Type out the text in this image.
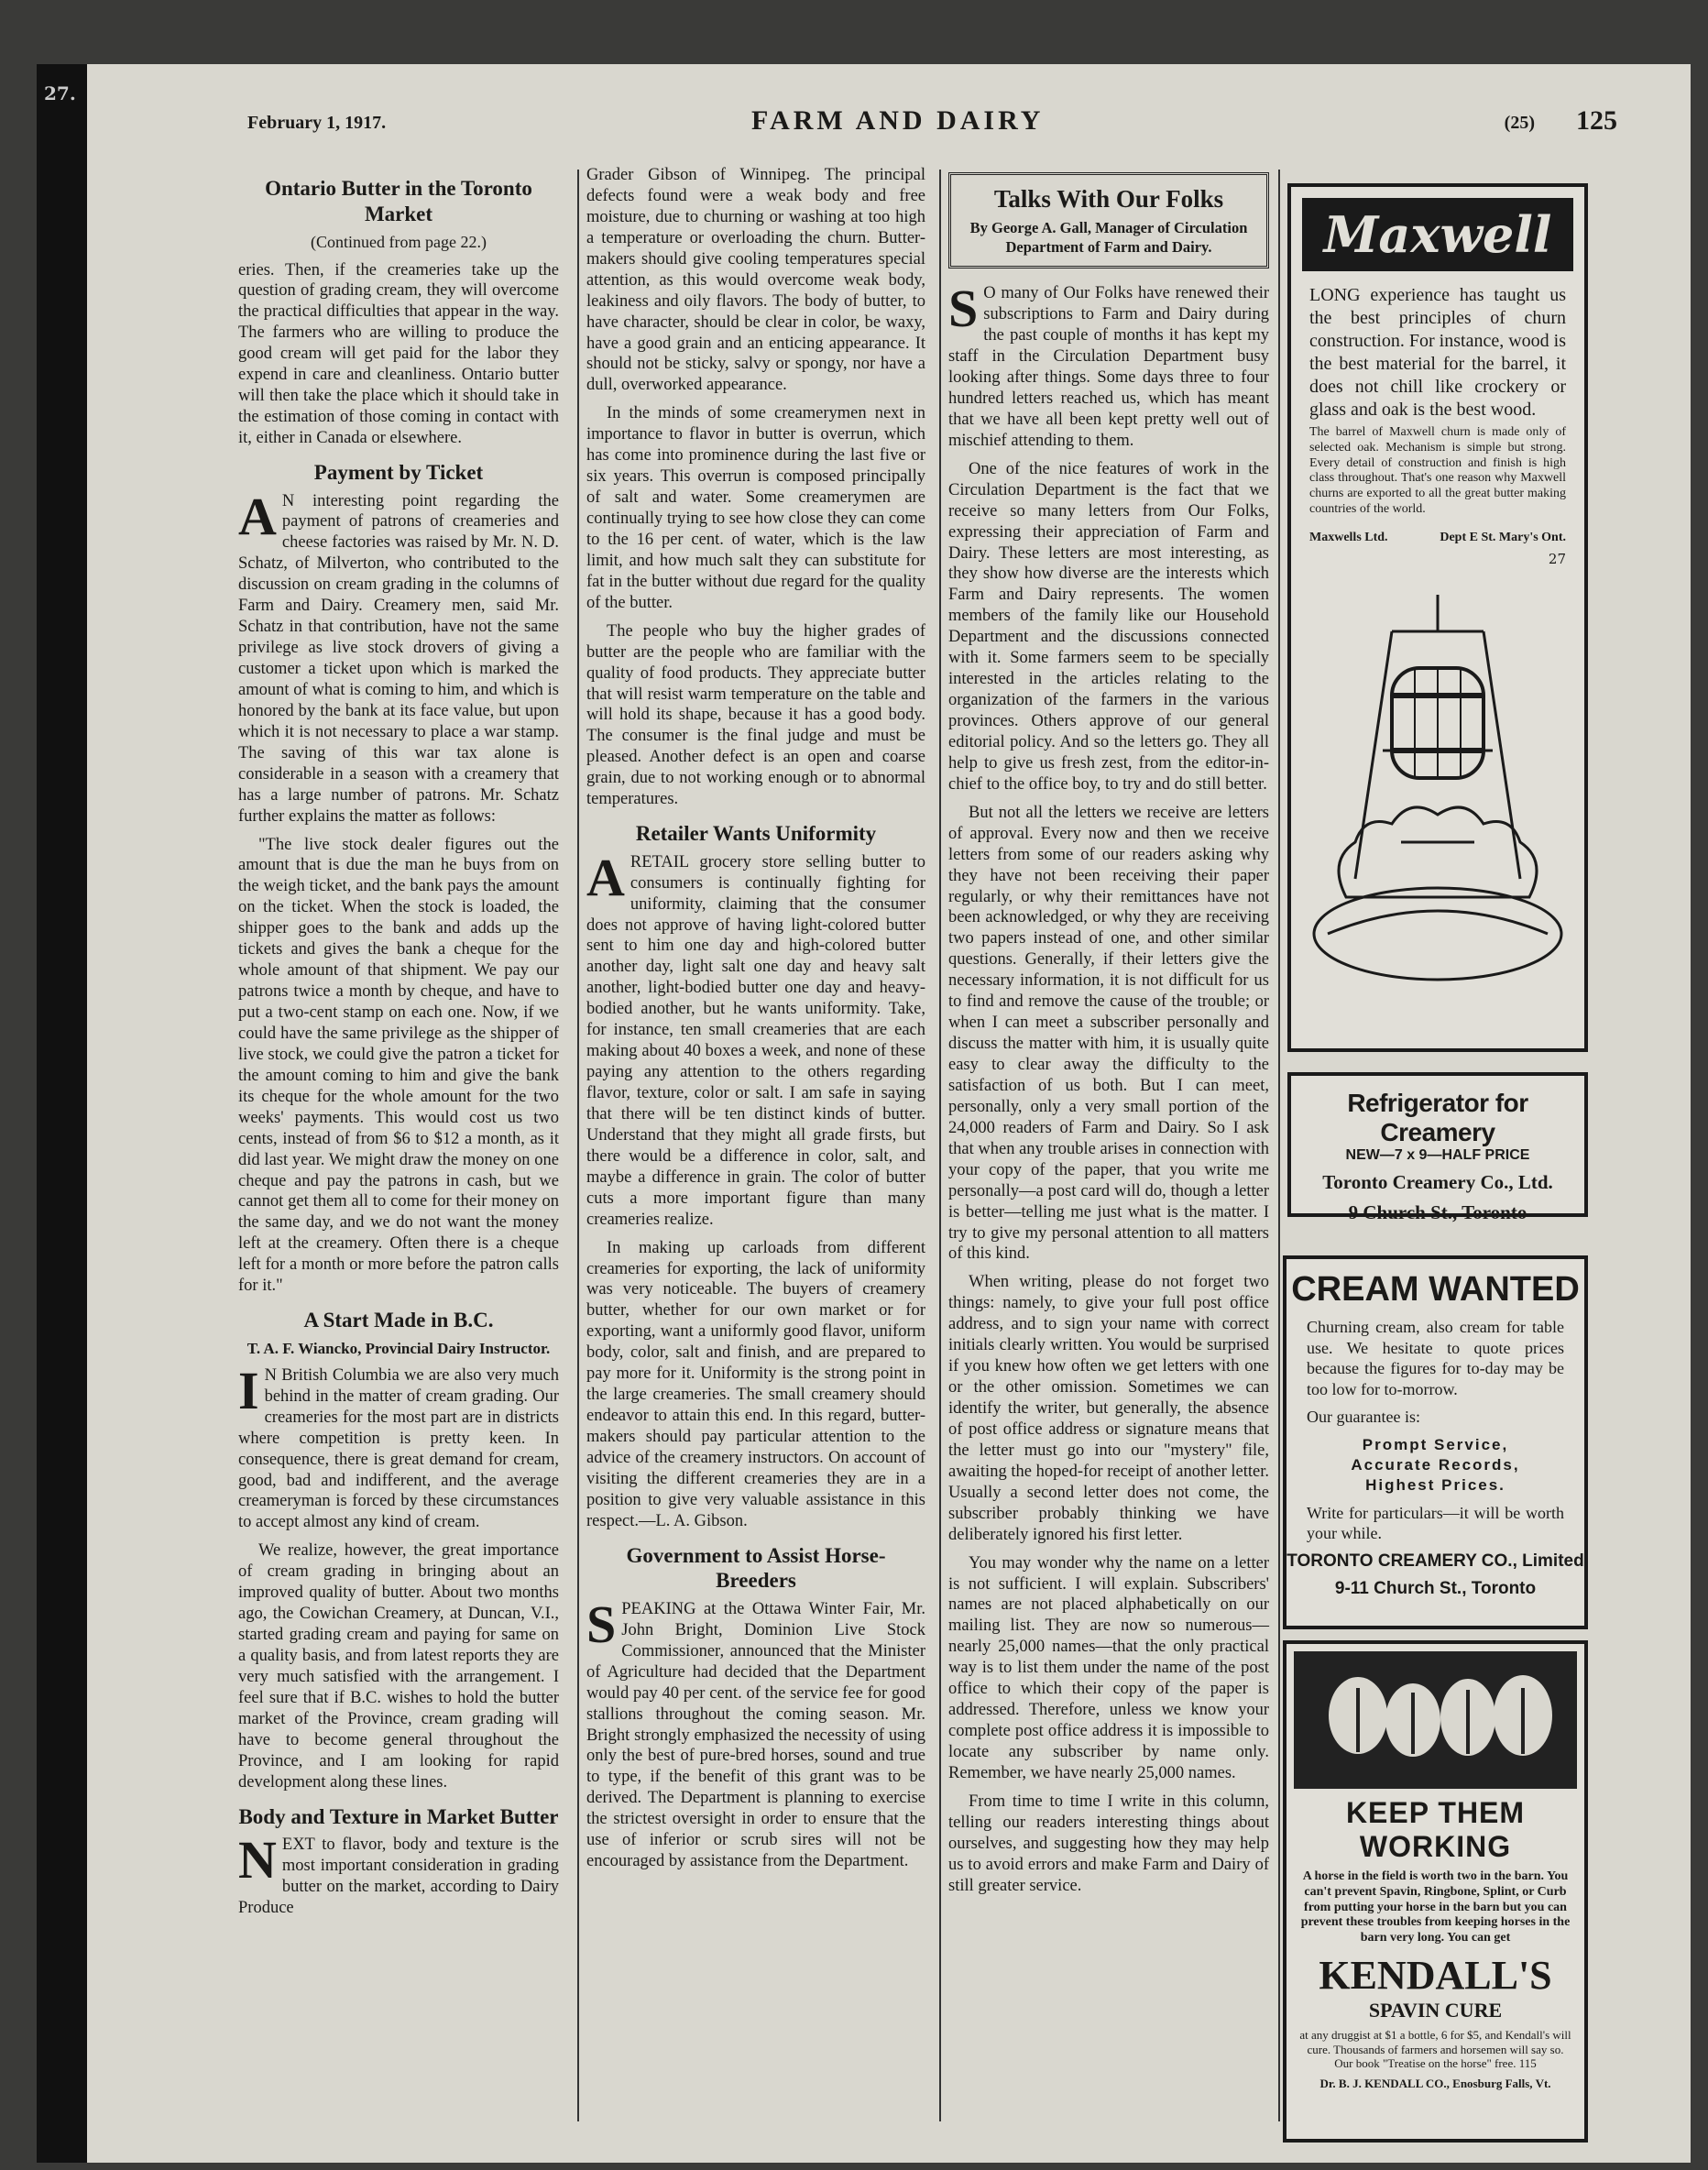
27.
February 1, 1917.	FARM AND DAIRY	(25) 125
Ontario Butter in the Toronto Market
(Continued from page 22.)

eries. Then, if the creameries take up the question of grading cream, they will overcome the practical difficulties that appear in the way. The farmers who are willing to produce the good cream will get paid for the labor they expend in care and cleanliness. Ontario butter will then take the place which it should take in the estimation of those coming in contact with it, either in Canada or elsewhere.

Payment by Ticket

A N interesting point regarding the payment of patrons of creameries and cheese factories was raised by Mr. N. D. Schatz, of Milverton, who contributed to the discussion on cream grading in the columns of Farm and Dairy. Creamery men, said Mr. Schatz in that contribution, have not the same privilege as live stock drovers of giving a customer a ticket upon which is marked the amount of what is coming to him, and which is honored by the bank at its face value, but upon which it is not necessary to place a war stamp. The saving of this war tax alone is considerable in a season with a creamery that has a large number of patrons. Mr. Schatz further explains the matter as follows:

"The live stock dealer figures out the amount that is due the man he buys from on the weigh ticket, and the bank pays the amount on the ticket. When the stock is loaded, the shipper goes to the bank and adds up the tickets and gives the bank a cheque for the whole amount of that shipment. We pay our patrons twice a month by cheque, and have to put a two-cent stamp on each one. Now, if we could have the same privilege as the shipper of live stock, we could give the patron a ticket for the amount coming to him and give the bank its cheque for the whole amount for the two weeks' payments. This would cost us two cents, instead of from $6 to $12 a month, as it did last year. We might draw the money on one cheque and pay the patrons in cash, but we cannot get them all to come for their money on the same day, and we do not want the money left at the creamery. Often there is a cheque left for a month or more before the patron calls for it."

A Start Made in B.C.
T. A. F. Wiancko, Provincial Dairy Instructor.

I N British Columbia we are also very much behind in the matter of cream grading. Our creameries for the most part are in districts where competition is pretty keen. In consequence, there is great demand for cream, good, bad and indifferent, and the average creameryman is forced by these circumstances to accept almost any kind of cream.

We realize, however, the great importance of cream grading in bringing about an improved quality of butter. About two months ago, the Cowichan Creamery, at Duncan, V.I., started grading cream and paying for same on a quality basis, and from latest reports they are very much satisfied with the arrangement. I feel sure that if B.C. wishes to hold the butter market of the Province, cream grading will have to become general throughout the Province, and I am looking for rapid development along these lines.

Body and Texture in Market Butter

NEXT to flavor, body and texture is the most important consideration in grading butter on the market, according to Dairy Produce

Grader Gibson of Winnipeg. The principal defects found were a weak body and free moisture, due to churning or washing at too high a temperature or overloading the churn. Butter-makers should give cooling temperatures special attention, as this would overcome weak body, leakiness and oily flavors. The body of butter, to have character, should be clear in color, be waxy, have a good grain and an enticing appearance. It should not be sticky, salvy or spongy, nor have a dull, overworked appearance.

In the minds of some creamerymen next in importance to flavor in butter is overrun, which has come into prominence during the last five or six years. This overrun is composed principally of salt and water. Some creamerymen are continually trying to see how close they can come to the 16 per cent. of water, which is the law limit, and how much salt they can substitute for fat in the butter without due regard for the quality of the butter.

The people who buy the higher grades of butter are the people who are familiar with the quality of food products. They appreciate butter that will resist warm temperature on the table and will hold its shape, because it has a good body. The consumer is the final judge and must be pleased. Another defect is an open and coarse grain, due to not working enough or to abnormal temperatures.

Retailer Wants Uniformity

ARETAIL grocery store selling butter to consumers is continually fighting for uniformity, claiming that the consumer does not approve of having light-colored butter sent to him one day and high-colored butter another day, light salt one day and heavy salt another, light-bodied butter one day and heavy-bodied another, but he wants uniformity. Take, for instance, ten small creameries that are each making about 40 boxes a week, and none of these paying any attention to the others regarding flavor, texture, color or salt. I am safe in saying that there will be ten distinct kinds of butter. Understand that they might all grade firsts, but there would be a difference in color, salt, and maybe a difference in grain. The color of butter cuts a more important figure than many creameries realize.

In making up carloads from different creameries for exporting, the lack of uniformity was very noticeable. The buyers of creamery butter, whether for our own market or for exporting, want a uniformly good flavor, uniform body, color, salt and finish, and are prepared to pay more for it. Uniformity is the strong point in the large creameries. The small creamery should endeavor to attain this end. In this regard, butter-makers should pay particular attention to the advice of the creamery instructors. On account of visiting the different creameries they are in a position to give very valuable assistance in this respect.—L. A. Gibson.

Government to Assist Horse-Breeders

SPEAKING at the Ottawa Winter Fair, Mr. John Bright, Dominion Live Stock Commissioner, announced that the Minister of Agriculture had decided that the Department would pay 40 per cent. of the service fee for good stallions throughout the coming season. Mr. Bright strongly emphasized the necessity of using only the best of pure-bred horses, sound and true to type, if the benefit of this grant was to be derived. The Department is planning to exercise the strictest oversight in order to ensure that the use of inferior or scrub sires will not be encouraged by assistance from the Department.

Talks With Our Folks
By George A. Gall, Manager of Circulation Department of Farm and Dairy.

S O many of Our Folks have renewed their subscriptions to Farm and Dairy during the past couple of months it has kept my staff in the Circulation Department busy looking after things. Some days three to four hundred letters reached us, which has meant that we have all been kept pretty well out of mischief attending to them.

One of the nice features of work in the Circulation Department is the fact that we receive so many letters from Our Folks, expressing their appreciation of Farm and Dairy. These letters are most interesting, as they show how diverse are the interests which Farm and Dairy represents. The women members of the family like our Household Department and the discussions connected with it. Some farmers seem to be specially interested in the articles relating to the organization of the farmers in the various provinces. Others approve of our general editorial policy. And so the letters go. They all help to give us fresh zest, from the editor-in-chief to the office boy, to try and do still better.

But not all the letters we receive are letters of approval. Every now and then we receive letters from some of our readers asking why they have not been receiving their paper regularly, or why their remittances have not been acknowledged, or why they are receiving two papers instead of one, and other similar questions. Generally, if their letters give the necessary information, it is not difficult for us to find and remove the cause of the trouble; or when I can meet a subscriber personally and discuss the matter with him, it is usually quite easy to clear away the difficulty to the satisfaction of us both. But I can meet, personally, only a very small portion of the 24,000 readers of Farm and Dairy. So I ask that when any trouble arises in connection with your copy of the paper, that you write me personally—a post card will do, though a letter is better—telling me just what is the matter. I try to give my personal attention to all matters of this kind.

When writing, please do not forget two things: namely, to give your full post office address, and to sign your name with correct initials clearly written. You would be surprised if you knew how often we get letters with one or the other omission. Sometimes we can identify the writer, but generally, the absence of post office address or signature means that the letter must go into our "mystery" file, awaiting the hoped-for receipt of another letter. Usually a second letter does not come, the subscriber probably thinking we have deliberately ignored his first letter.

You may wonder why the name on a letter is not sufficient. I will explain. Subscribers' names are not placed alphabetically on our mailing list. They are now so numerous—nearly 25,000 names—that the only practical way is to list them under the name of the post office to which their copy of the paper is addressed. Therefore, unless we know your complete post office address it is impossible to locate any subscriber by name only. Remember, we have nearly 25,000 names.

From time to time I write in this column, telling our readers interesting things about ourselves, and suggesting how they may help us to avoid errors and make Farm and Dairy of still greater service.

Maxwell
LONG experience has taught us the best principles of churn construction. For instance, wood is the best material for the barrel, it does not chill like crockery or glass and oak is the best wood.
The barrel of Maxwell churn is made only of selected oak. Mechanism is simple but strong. Every detail of construction and finish is high class throughout. That's one reason why Maxwell churns are exported to all the great butter making countries of the world.
Maxwells Ltd.	Dept E St. Mary's Ont.
27
Refrigerator for Creamery
NEW—7 x 9—HALF PRICE
Toronto Creamery Co., Ltd.
9 Church St., Toronto
CREAM WANTED
Churning cream, also cream for table use. We hesitate to quote prices because the figures for to-day may be too low for to-morrow.
Our guarantee is:
Prompt Service,
Accurate Records,
Highest Prices.
Write for particulars—it will be worth your while.
TORONTO CREAMERY CO., Limited
9-11 Church St., Toronto
KEEP THEM WORKING
A horse in the field is worth two in the barn. You can't prevent Spavin, Ringbone, Splint, or Curb from putting your horse in the barn but you can prevent these troubles from keeping horses in the barn very long. You can get
KENDALL'S
SPAVIN CURE
at any druggist at $1 a bottle, 6 for $5, and Kendall's will cure. Thousands of farmers and horsemen will say so. Our book "Treatise on the horse" free. 115
Dr. B. J. KENDALL CO., Enosburg Falls, Vt.
